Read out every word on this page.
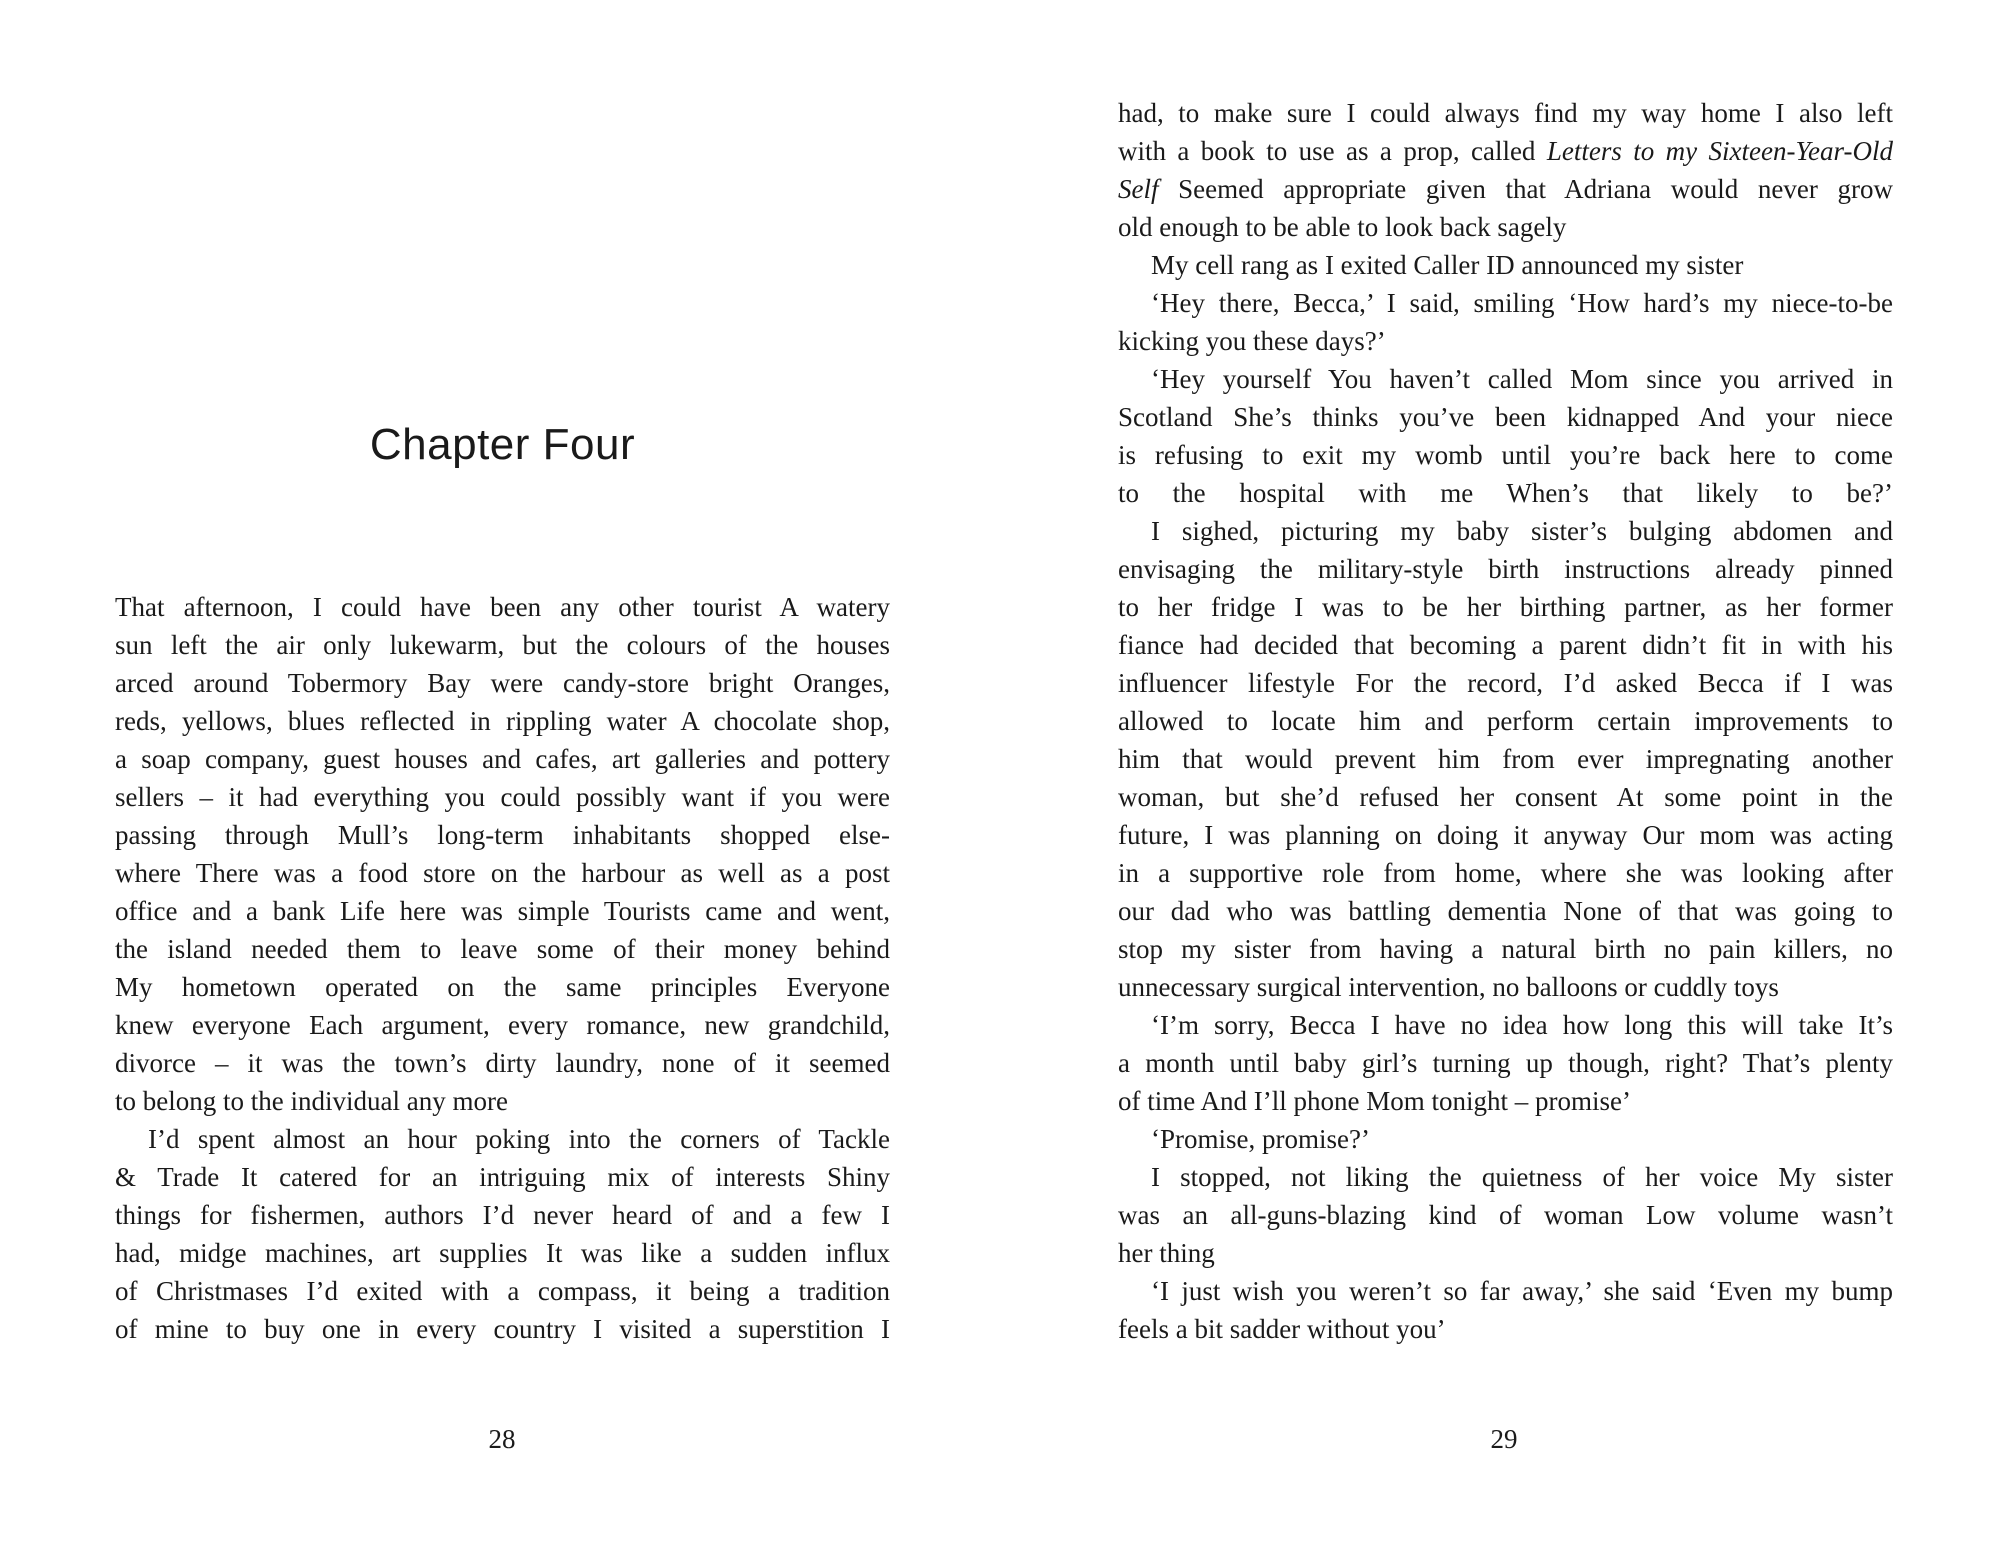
Chapter Four
That afternoon, I could have been any other tourist A watery
sun left the air only lukewarm, but the colours of the houses
arced around Tobermory Bay were candy-store bright Oranges,
reds, yellows, blues reflected in rippling water A chocolate shop,
a soap company, guest houses and cafes, art galleries and pottery
sellers – it had everything you could possibly want if you were
passing through Mull’s long-term inhabitants shopped else-
where There was a food store on the harbour as well as a post
office and a bank Life here was simple Tourists came and went,
the island needed them to leave some of their money behind
My hometown operated on the same principles Everyone
knew everyone Each argument, every romance, new grandchild,
divorce – it was the town’s dirty laundry, none of it seemed
to belong to the individual any more
I’d spent almost an hour poking into the corners of Tackle
& Trade It catered for an intriguing mix of interests Shiny
things for fishermen, authors I’d never heard of and a few I
had, midge machines, art supplies It was like a sudden influx
of Christmases I’d exited with a compass, it being a tradition
of mine to buy one in every country I visited a superstition I
28
had, to make sure I could always find my way home I also left
with a book to use as a prop, called Letters to my Sixteen-Year-Old
Self Seemed appropriate given that Adriana would never grow
old enough to be able to look back sagely
My cell rang as I exited Caller ID announced my sister
‘Hey there, Becca,’ I said, smiling ‘How hard’s my niece-to-be
kicking you these days?’
‘Hey yourself You haven’t called Mom since you arrived in
Scotland She’s thinks you’ve been kidnapped And your niece
is refusing to exit my womb until you’re back here to come
to the hospital with me When’s that likely to be?’
I sighed, picturing my baby sister’s bulging abdomen and
envisaging the military-style birth instructions already pinned
to her fridge I was to be her birthing partner, as her former
fiance had decided that becoming a parent didn’t fit in with his
influencer lifestyle For the record, I’d asked Becca if I was
allowed to locate him and perform certain improvements to
him that would prevent him from ever impregnating another
woman, but she’d refused her consent At some point in the
future, I was planning on doing it anyway Our mom was acting
in a supportive role from home, where she was looking after
our dad who was battling dementia None of that was going to
stop my sister from having a natural birth no pain killers, no
unnecessary surgical intervention, no balloons or cuddly toys
‘I’m sorry, Becca I have no idea how long this will take It’s
a month until baby girl’s turning up though, right? That’s plenty
of time And I’ll phone Mom tonight – promise’
‘Promise, promise?’
I stopped, not liking the quietness of her voice My sister
was an all-guns-blazing kind of woman Low volume wasn’t
her thing
‘I just wish you weren’t so far away,’ she said ‘Even my bump
feels a bit sadder without you’
29
